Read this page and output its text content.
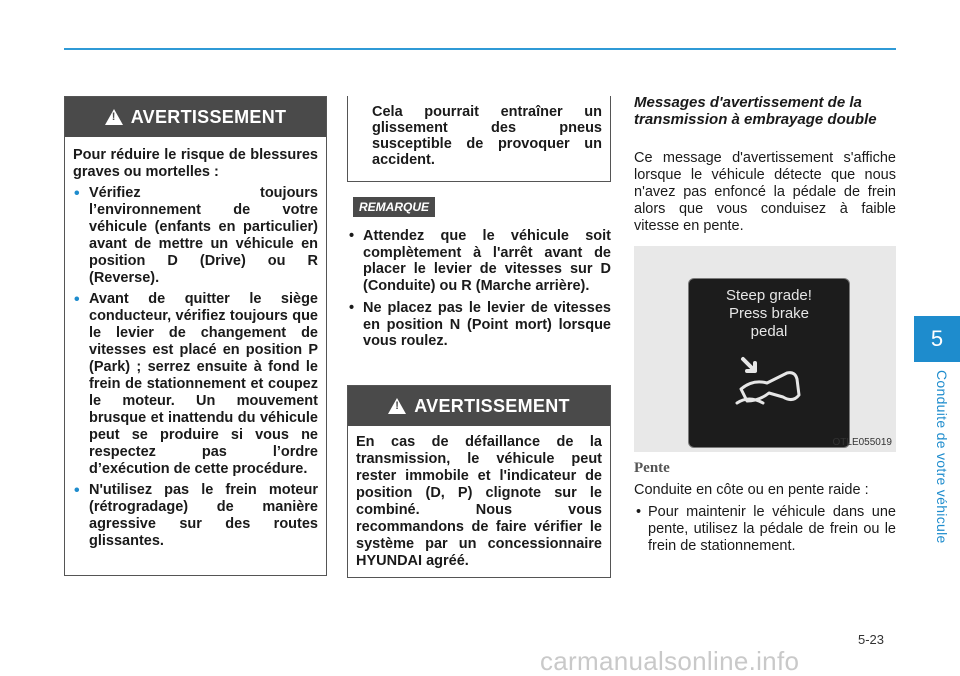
!
AVERTISSEMENT

Pour réduire le risque de blessures graves ou mortelles :

• Vérifiez toujours l’environnement de votre véhicule (enfants en particulier) avant de mettre un véhicule en position D (Drive) ou R (Reverse).
• Avant de quitter le siège conducteur, vérifiez toujours que le levier de changement de vitesses est placé en position P (Park) ; serrez ensuite à fond le frein de stationnement et coupez le moteur. Un mouvement brusque et inattendu du véhicule peut se produire si vous ne respectez pas l’ordre d’exécution de cette procédure.
• N'utilisez pas le frein moteur (rétrogradage) de manière agressive sur des routes glissantes.
Cela pourrait entraîner un glissement des pneus susceptible de provoquer un accident.
REMARQUE
• Attendez que le véhicule soit complètement à l'arrêt avant de placer le levier de vitesses sur D (Conduite) ou R (Marche arrière).
• Ne placez pas le levier de vitesses en position N (Point mort) lorsque vous roulez.
!
AVERTISSEMENT

En cas de défaillance de la transmission, le véhicule peut rester immobile et l'indicateur de position (D, P) clignote sur le combiné. Nous vous recommandons de faire vérifier le système par un concessionnaire HYUNDAI agréé.

Messages d'avertissement de la transmission à embrayage double
Ce message d'avertissement s'affiche lorsque le véhicule détecte que nous n'avez pas enfoncé la pédale de frein alors que vous conduisez à faible vitesse en pente.
Steep grade!
Press brake
pedal
OTLE055019
Pente
Conduite en côte ou en pente raide :
• Pour maintenir le véhicule dans une pente, utilisez la pédale de frein ou le frein de stationnement.
5
Conduite de votre véhicule
5-23
carmanualsonline.info
